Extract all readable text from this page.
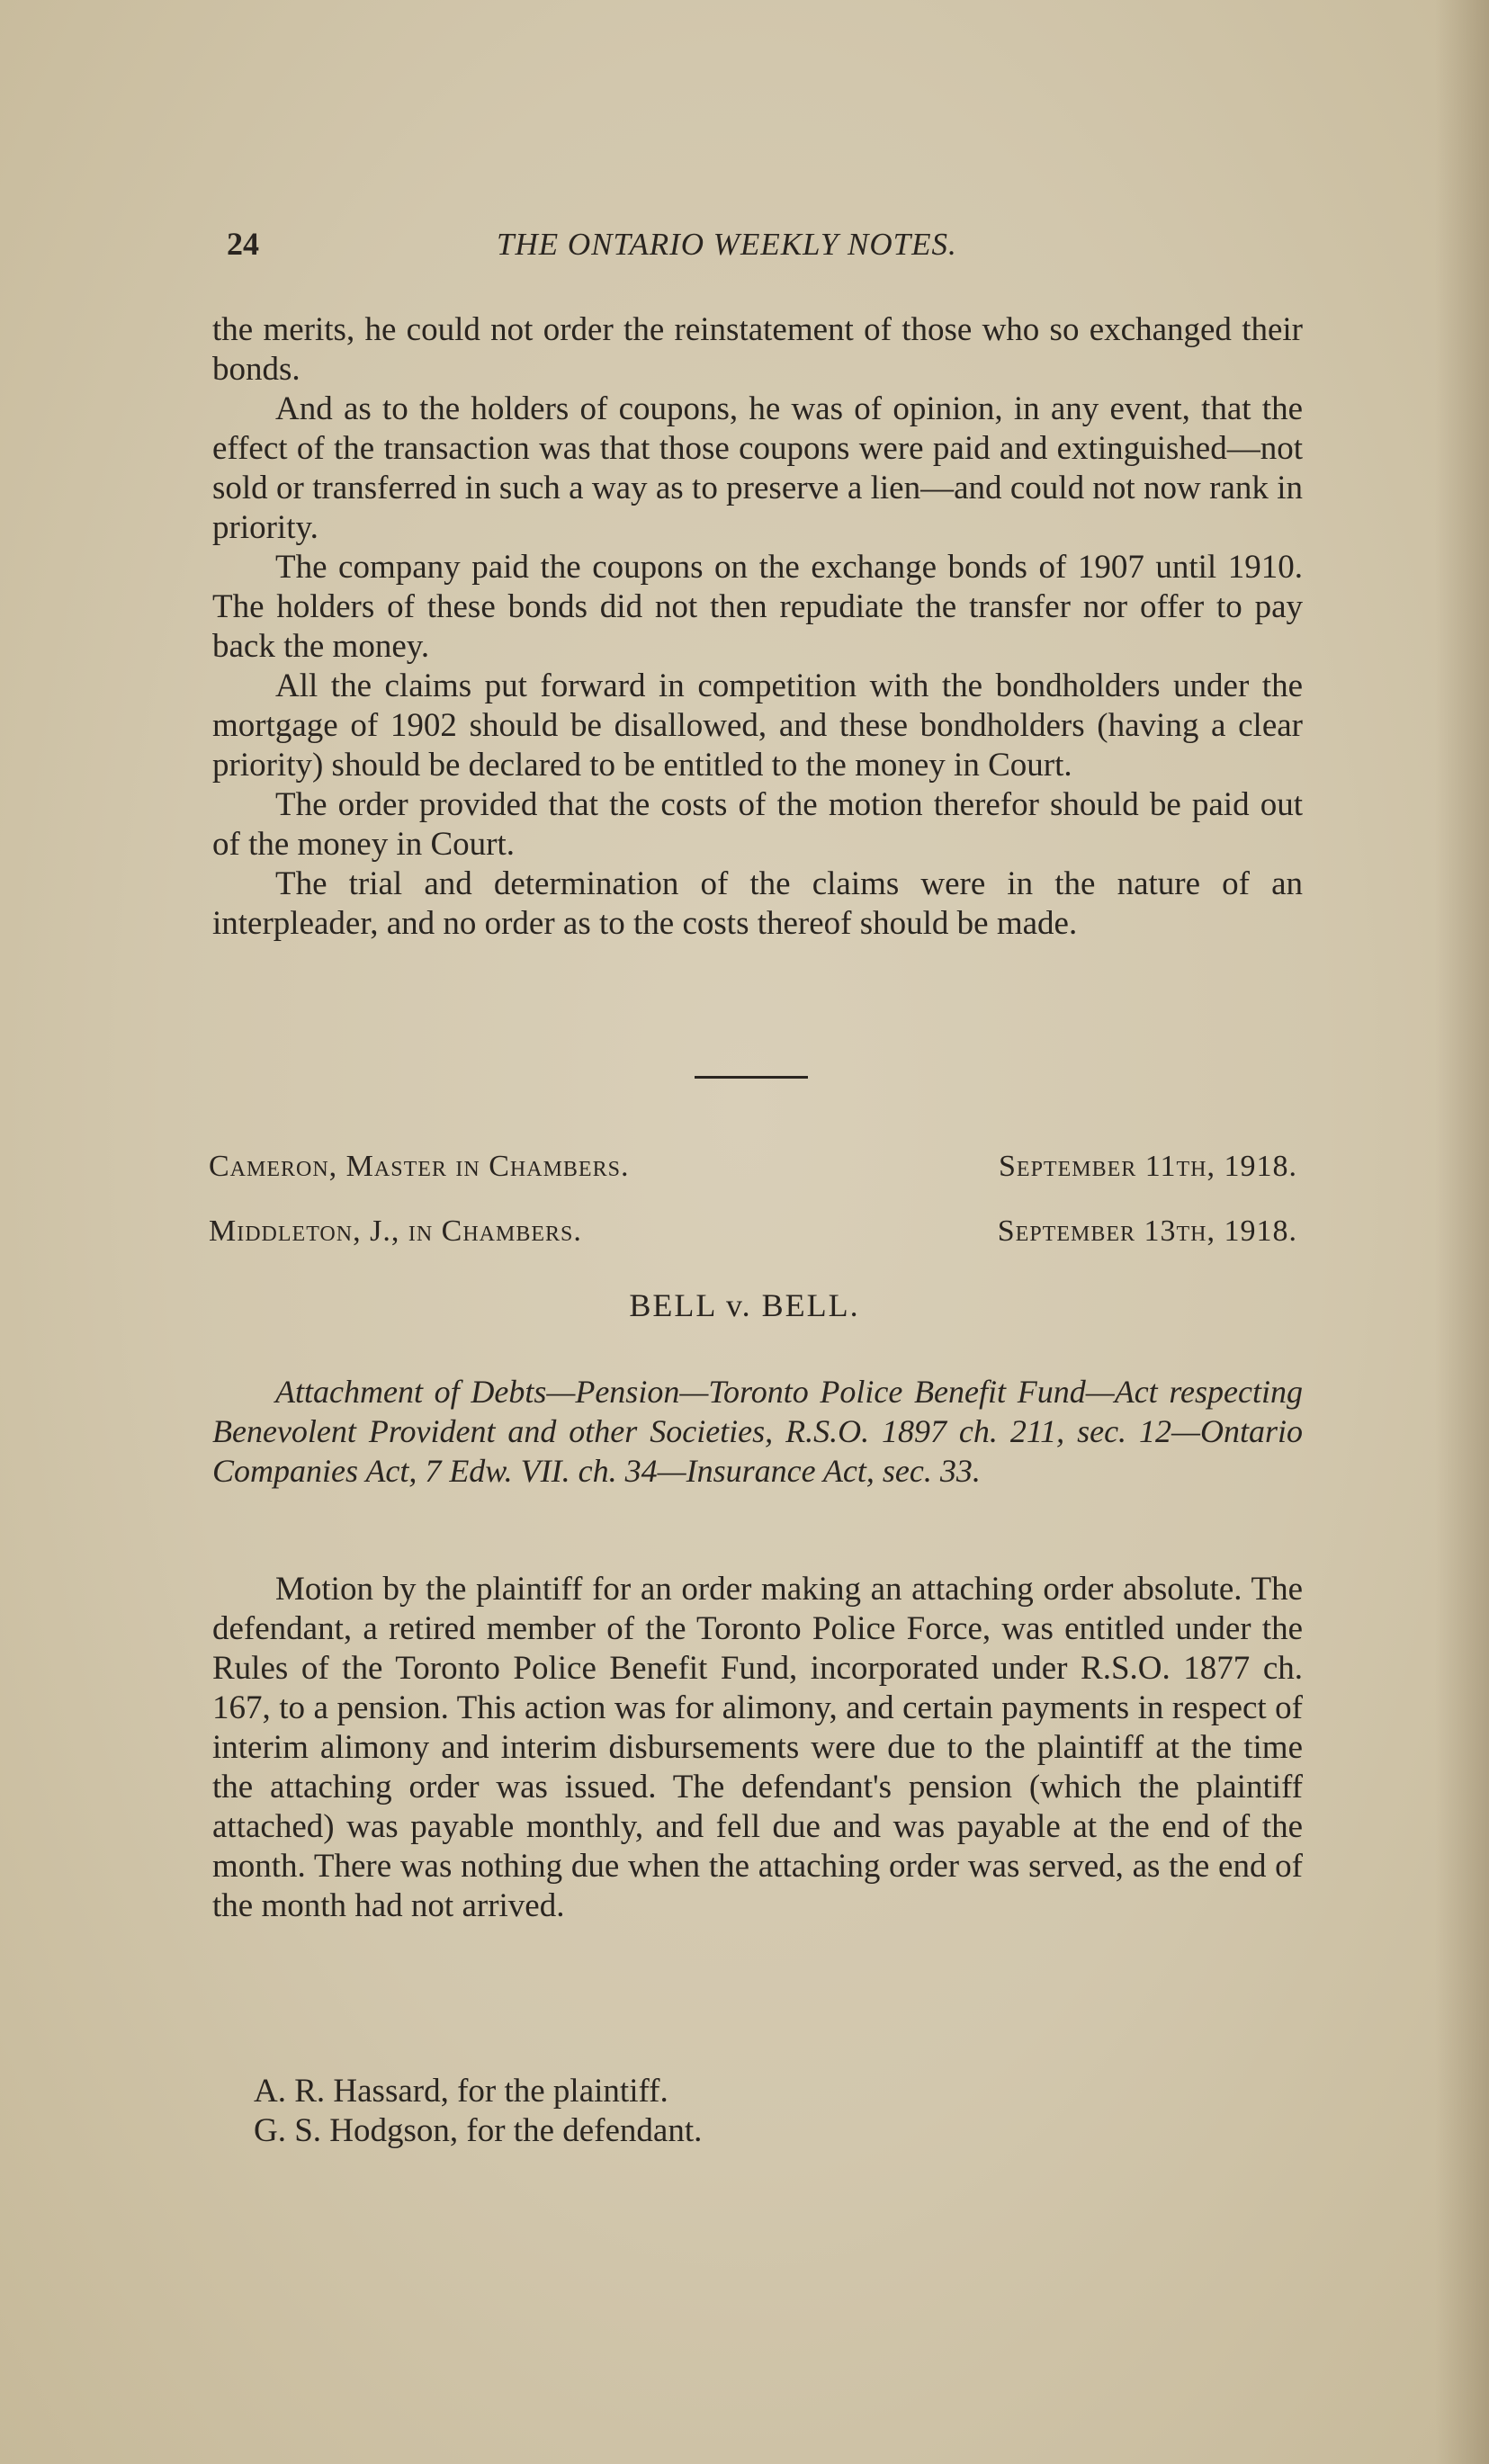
24	THE ONTARIO WEEKLY NOTES.

the merits, he could not order the reinstatement of those who so exchanged their bonds.

And as to the holders of coupons, he was of opinion, in any event, that the effect of the transaction was that those coupons were paid and extinguished—not sold or transferred in such a way as to preserve a lien—and could not now rank in priority.

The company paid the coupons on the exchange bonds of 1907 until 1910. The holders of these bonds did not then repudiate the transfer nor offer to pay back the money.

All the claims put forward in competition with the bondholders under the mortgage of 1902 should be disallowed, and these bondholders (having a clear priority) should be declared to be entitled to the money in Court.

The order provided that the costs of the motion therefor should be paid out of the money in Court.

The trial and determination of the claims were in the nature of an interpleader, and no order as to the costs thereof should be made.

Cameron, Master in Chambers.	September 11th, 1918.
Middleton, J., in Chambers.	September 13th, 1918.
BELL v. BELL.

Attachment of Debts—Pension—Toronto Police Benefit Fund—Act respecting Benevolent Provident and other Societies, R.S.O. 1897 ch. 211, sec. 12—Ontario Companies Act, 7 Edw. VII. ch. 34—Insurance Act, sec. 33.

Motion by the plaintiff for an order making an attaching order absolute. The defendant, a retired member of the Toronto Police Force, was entitled under the Rules of the Toronto Police Benefit Fund, incorporated under R.S.O. 1877 ch. 167, to a pension. This action was for alimony, and certain payments in respect of interim alimony and interim disbursements were due to the plaintiff at the time the attaching order was issued. The defendant's pension (which the plaintiff attached) was payable monthly, and fell due and was payable at the end of the month. There was nothing due when the attaching order was served, as the end of the month had not arrived.

A. R. Hassard, for the plaintiff.
G. S. Hodgson, for the defendant.
